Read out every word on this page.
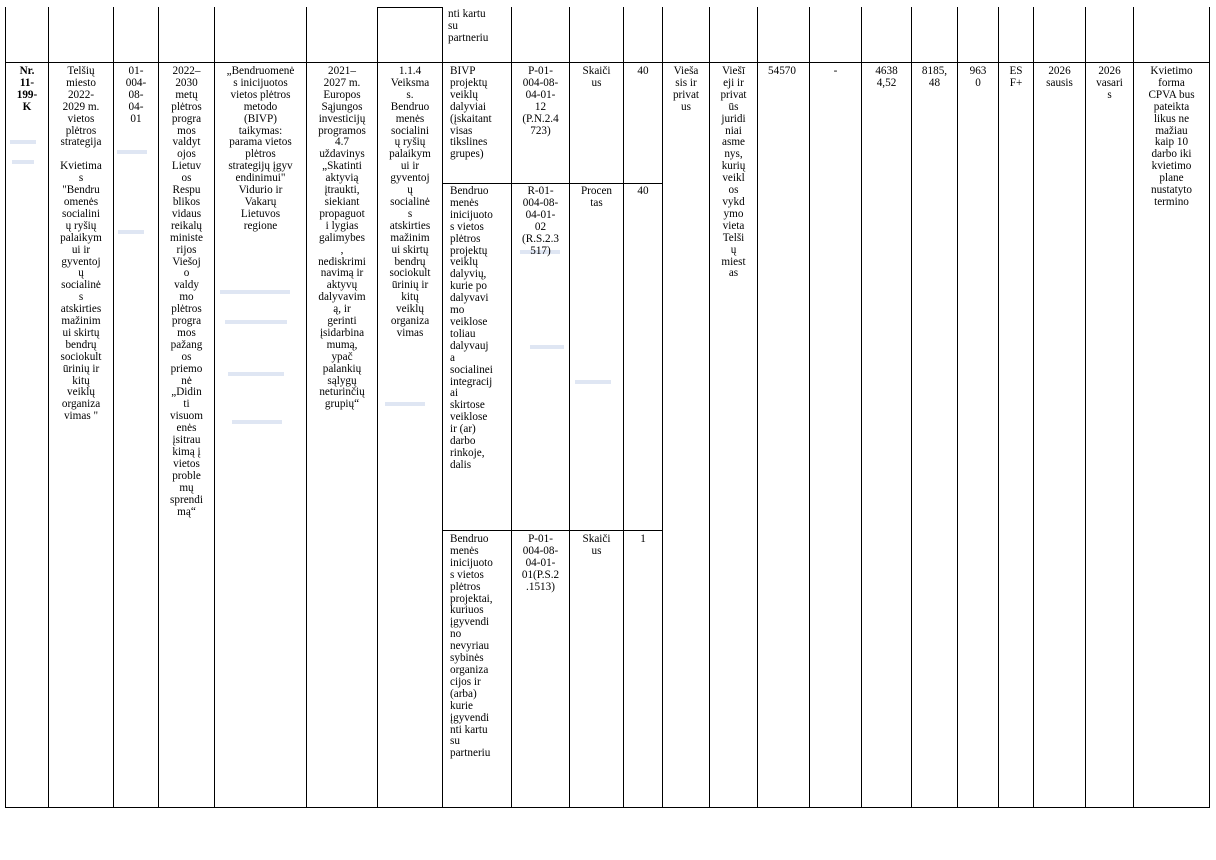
nti kartu
su
partneriu
Nr.
11-
199-
K
Telšių
miesto
2022-
2029 m.
vietos
plėtros
strategija

Kvietima
s
"Bendru
omenės
socialini
ų ryšių
palaikym
ui ir
gyventoj
ų
socialinė
s
atskirties
mažinim
ui skirtų
bendrų
sociokult
ūrinių ir
kitų
veiklų
organiza
vimas "
01-
004-
08-
04-
01
2022–
2030
metų
plėtros
progra
mos
valdyt
ojos
Lietuv
os
Respu
blikos
vidaus
reikalų
ministe
rijos
Viešoj
o
valdy
mo
plėtros
progra
mos
pažang
os
priemo
nė
„Didin
ti
visuom
enės
įsitrau
kimą į
vietos
proble
mų
sprendi
mą“
„Bendruomenė
s inicijuotos
vietos plėtros
metodo
(BIVP)
taikymas:
parama vietos
plėtros
strategijų įgyv
endinimui"
Vidurio ir
Vakarų
Lietuvos
regione
2021–
2027 m.
Europos
Sąjungos
investicijų
programos
4.7
uždavinys
„Skatinti
aktyvią
įtraukti,
siekiant
propaguot
i lygias
galimybes
,
nediskrimi
navimą ir
aktyvų
dalyvavim
ą, ir
gerinti
įsidarbina
mumą,
ypač
palankių
sąlygų
neturinčių
grupių“
1.1.4
Veiksma
s.
Bendruo
menės
socialini
ų ryšių
palaikym
ui ir
gyventoj
ų
socialinė
s
atskirties
mažinim
ui skirtų
bendrų
sociokult
ūrinių ir
kitų
veiklų
organiza
vimas
BIVP
projektų
veiklų
dalyviai
(įskaitant
visas
tikslines
grupes)
P-01-
004-08-
04-01-
12
(P.N.2.4
723)
Skaiči
us
40
Bendruo
menės
inicijuoto
s vietos
plėtros
projektų
veiklų
dalyvių,
kurie po
dalyvavi
mo
veiklose
toliau
dalyvauj
a
socialinei
integracij
ai
skirtose
veiklose
ir (ar)
darbo
rinkoje,
dalis
R-01-
004-08-
04-01-
02
(R.S.2.3
517)
Procen
tas
40
Bendruo
menės
inicijuoto
s vietos
plėtros
projektai,
kuriuos
įgyvendi
no
nevyriau
sybinės
organiza
cijos ir
(arba)
kurie
įgyvendi
nti kartu
su
partneriu
P-01-
004-08-
04-01-
01(P.S.2
.1513)
Skaiči
us
1
Vieša
sis ir
privat
us
Viešī
eji ir
privat
ūs
juridi
niai
asme
nys,
kurių
veikl
os
vykd
ymo
vieta
Telši
ų
miest
as
54570	-	4638
4,52
8185,
48
963
0
ES
F+
2026
sausis
2026
vasari
s
Kvietimo
forma
CPVA bus
pateikta
likus ne
mažiau
kaip 10
darbo iki
kvietimo
plane
nustatyto
termino
